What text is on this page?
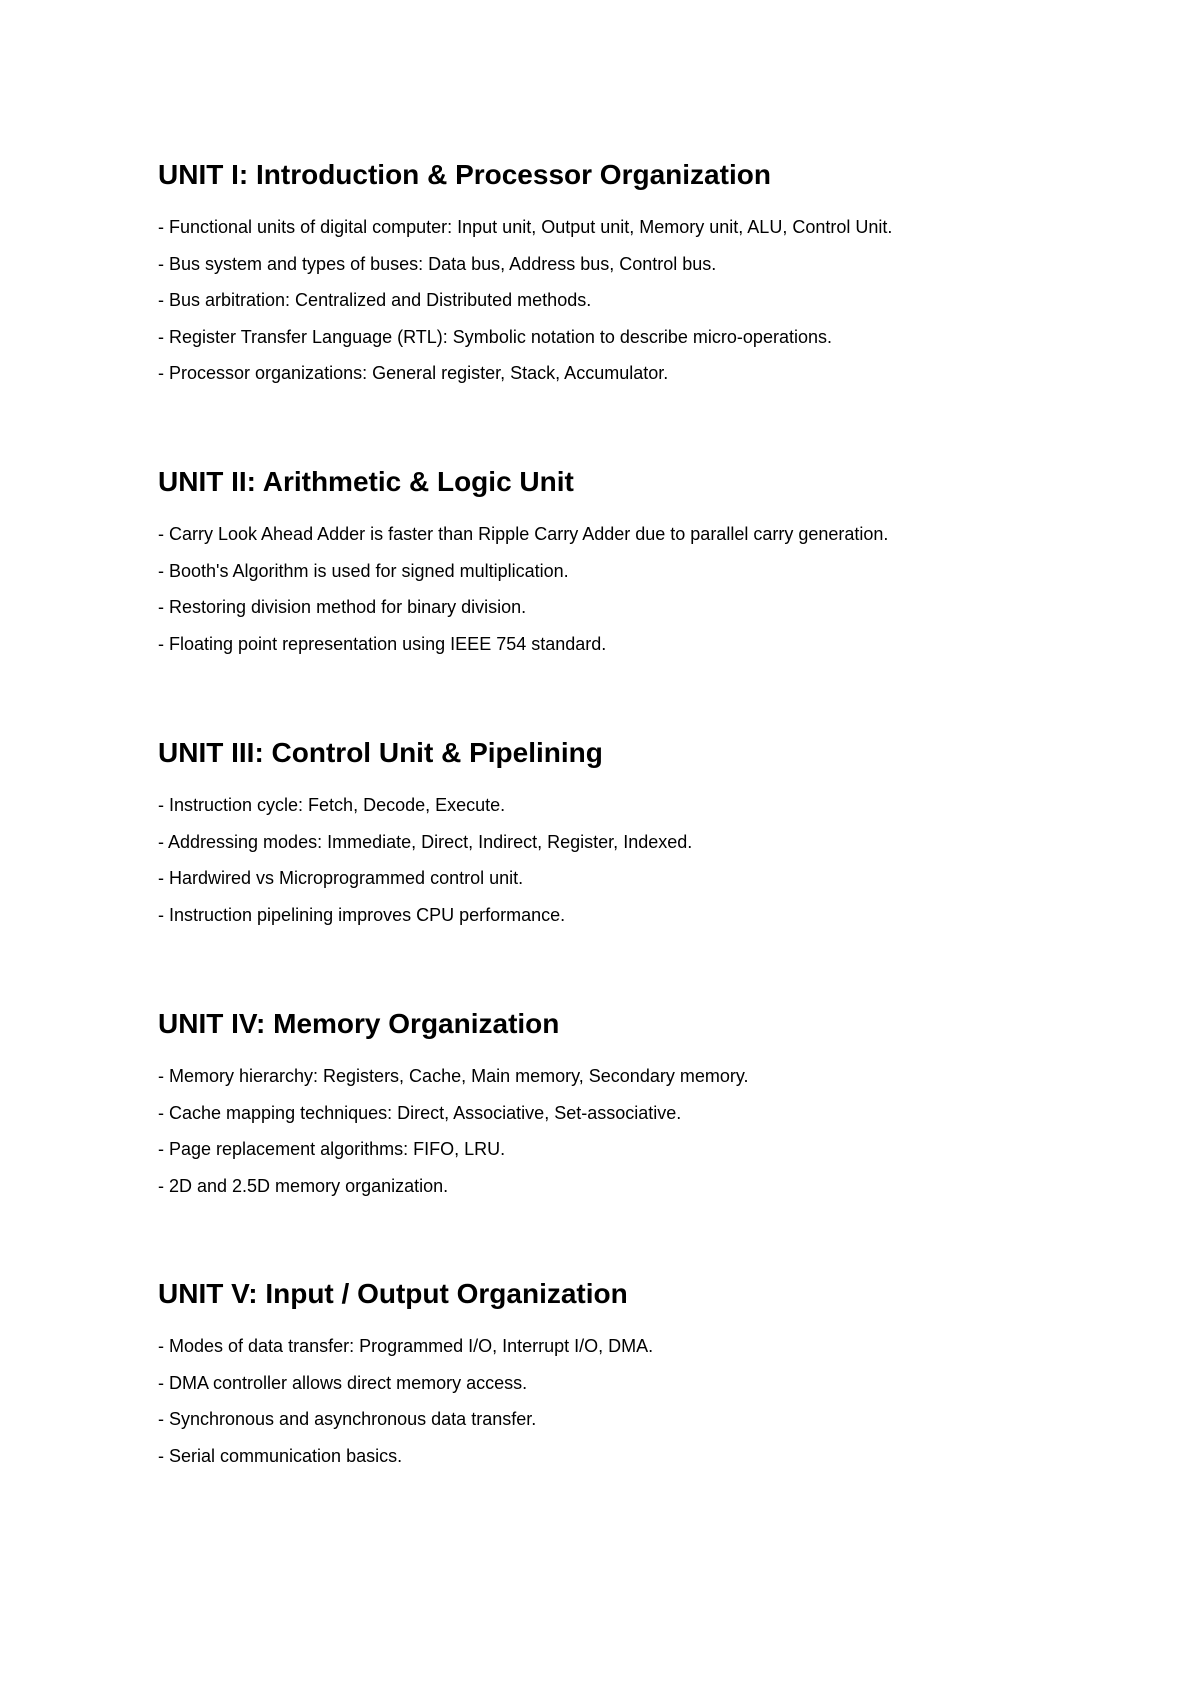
UNIT I: Introduction & Processor Organization
- Functional units of digital computer: Input unit, Output unit, Memory unit, ALU, Control Unit.
- Bus system and types of buses: Data bus, Address bus, Control bus.
- Bus arbitration: Centralized and Distributed methods.
- Register Transfer Language (RTL): Symbolic notation to describe micro-operations.
- Processor organizations: General register, Stack, Accumulator.
UNIT II: Arithmetic & Logic Unit
- Carry Look Ahead Adder is faster than Ripple Carry Adder due to parallel carry generation.
- Booth's Algorithm is used for signed multiplication.
- Restoring division method for binary division.
- Floating point representation using IEEE 754 standard.
UNIT III: Control Unit & Pipelining
- Instruction cycle: Fetch, Decode, Execute.
- Addressing modes: Immediate, Direct, Indirect, Register, Indexed.
- Hardwired vs Microprogrammed control unit.
- Instruction pipelining improves CPU performance.
UNIT IV: Memory Organization
- Memory hierarchy: Registers, Cache, Main memory, Secondary memory.
- Cache mapping techniques: Direct, Associative, Set-associative.
- Page replacement algorithms: FIFO, LRU.
- 2D and 2.5D memory organization.
UNIT V: Input / Output Organization
- Modes of data transfer: Programmed I/O, Interrupt I/O, DMA.
- DMA controller allows direct memory access.
- Synchronous and asynchronous data transfer.
- Serial communication basics.
